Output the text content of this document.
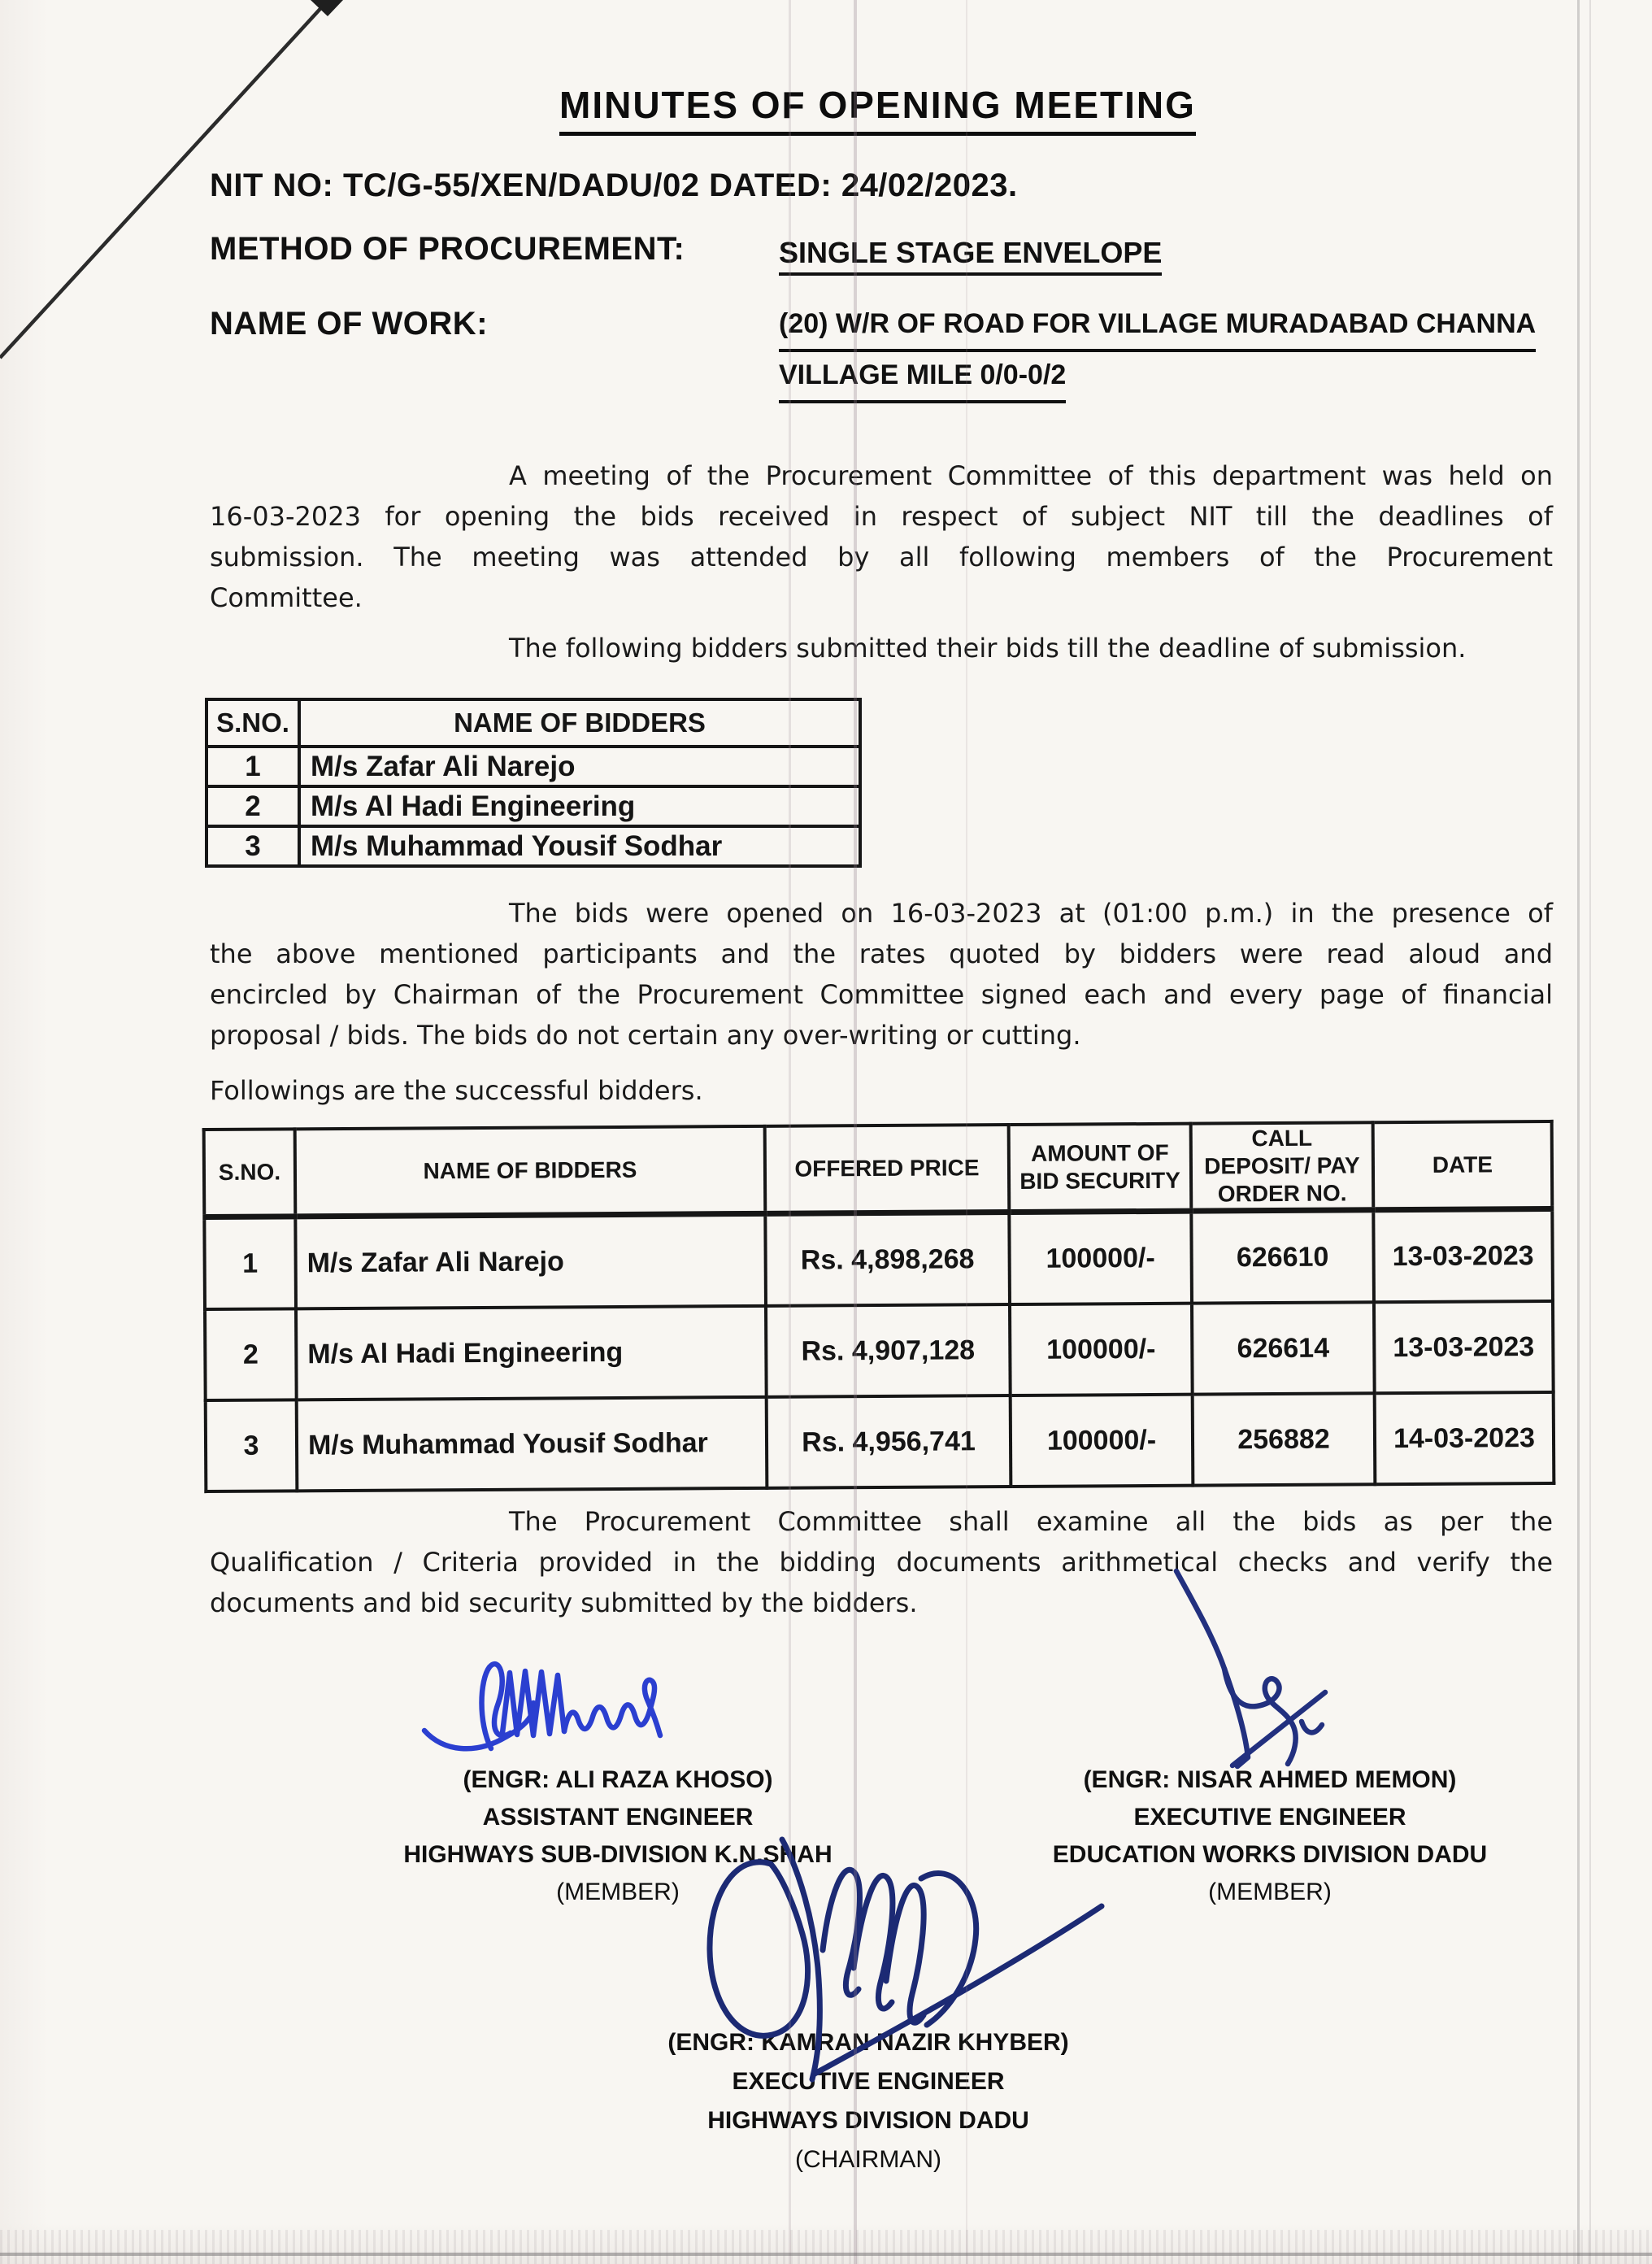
MINUTES OF OPENING MEETING
NIT NO: TC/G-55/XEN/DADU/02 DATED: 24/02/2023.
METHOD OF PROCUREMENT:	SINGLE STAGE ENVELOPE
NAME OF WORK:	(20) W/R OF ROAD FOR VILLAGE MURADABAD CHANNA
VILLAGE MILE 0/0-0/2
A meeting of the Procurement Committee of this department was held on
16-03-2023 for opening the bids received in respect of subject NIT till the deadlines of
submission. The meeting was attended by all following members of the Procurement
Committee.
The following bidders submitted their bids till the deadline of submission.
S.NO.	NAME OF BIDDERS
1	M/s Zafar Ali Narejo
2	M/s Al Hadi Engineering
3	M/s Muhammad Yousif Sodhar
The bids were opened on 16-03-2023 at (01:00 p.m.) in the presence of
the above mentioned participants and the rates quoted by bidders were read aloud and
encircled by Chairman of the Procurement Committee signed each and every page of financial
proposal / bids. The bids do not certain any over-writing or cutting.
Followings are the successful bidders.
S.NO.	NAME OF BIDDERS	OFFERED PRICE	AMOUNT OF BID SECURITY	CALL DEPOSIT/ PAY ORDER NO.	DATE
1	M/s Zafar Ali Narejo	Rs. 4,898,268	100000/-	626610	13-03-2023
2	M/s Al Hadi Engineering	Rs. 4,907,128	100000/-	626614	13-03-2023
3	M/s Muhammad Yousif Sodhar	Rs. 4,956,741	100000/-	256882	14-03-2023
The Procurement Committee shall examine all the bids as per the
Qualification / Criteria provided in the bidding documents arithmetical checks and verify the
documents and bid security submitted by the bidders.
(ENGR: ALI RAZA KHOSO)
ASSISTANT ENGINEER
HIGHWAYS SUB-DIVISION K.N.SHAH
(MEMBER)
(ENGR: NISAR AHMED MEMON)
EXECUTIVE ENGINEER
EDUCATION WORKS DIVISION DADU
(MEMBER)
(ENGR: KAMRAN NAZIR KHYBER)
EXECUTIVE ENGINEER
HIGHWAYS DIVISION DADU
(CHAIRMAN)
